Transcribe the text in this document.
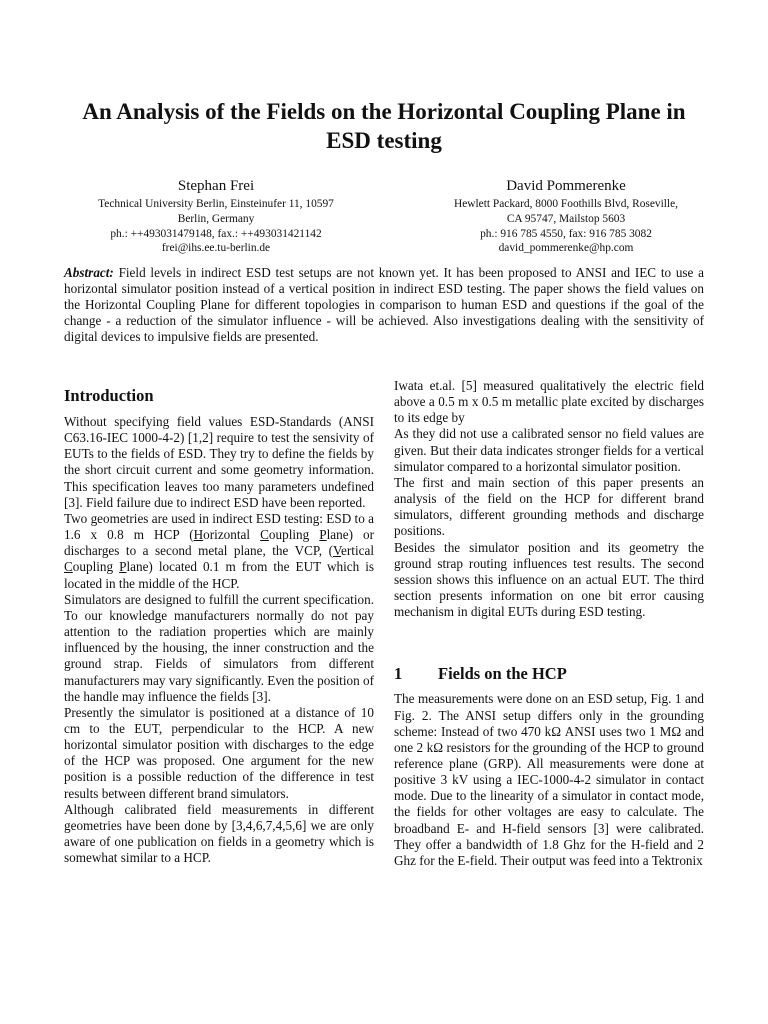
An Analysis of the Fields on the Horizontal Coupling Plane in ESD testing
Stephan Frei
Technical University Berlin, Einsteinufer 11, 10597
Berlin, Germany
ph.: ++493031479148, fax.: ++493031421142
frei@ihs.ee.tu-berlin.de
David Pommerenke
Hewlett Packard, 8000 Foothills Blvd, Roseville,
CA 95747, Mailstop 5603
ph.: 916 785 4550, fax: 916 785 3082
david_pommerenke@hp.com
Abstract: Field levels in indirect ESD test setups are not known yet. It has been proposed to ANSI and IEC to use a horizontal simulator position instead of a vertical position in indirect ESD testing. The paper shows the field values on the Horizontal Coupling Plane for different topologies in comparison to human ESD and questions if the goal of the change - a reduction of the simulator influence - will be achieved. Also investigations dealing with the sensitivity of digital devices to impulsive fields are presented.
Introduction

Without specifying field values ESD-Standards (ANSI C63.16-IEC 1000-4-2) [1,2] require to test the sensivity of EUTs to the fields of ESD. They try to define the fields by the short circuit current and some geometry information. This specification leaves too many parameters undefined [3]. Field failure due to indirect ESD have been reported.

Two geometries are used in indirect ESD testing: ESD to a 1.6 x 0.8 m HCP (Horizontal Coupling Plane) or discharges to a second metal plane, the VCP, (Vertical Coupling Plane) located 0.1 m from the EUT which is located in the middle of the HCP.

Simulators are designed to fulfill the current specification. To our knowledge manufacturers normally do not pay attention to the radiation properties which are mainly influenced by the housing, the inner construction and the ground strap. Fields of simulators from different manufacturers may vary significantly. Even the position of the handle may influence the fields [3].

Presently the simulator is positioned at a distance of 10 cm to the EUT, perpendicular to the HCP. A new horizontal simulator position with discharges to the edge of the HCP was proposed. One argument for the new position is a possible reduction of the difference in test results between different brand simulators.

Although calibrated field measurements in different geometries have been done by [3,4,6,7,4,5,6] we are only aware of one publication on fields in a geometry which is somewhat similar to a HCP.

Iwata et.al. [5] measured qualitatively the electric field above a 0.5 m x 0.5 m metallic plate excited by discharges to its edge by

As they did not use a calibrated sensor no field values are given. But their data indicates stronger fields for a vertical simulator compared to a horizontal simulator position.

The first and main section of this paper presents an analysis of the field on the HCP for different brand simulators, different grounding methods and discharge positions.

Besides the simulator position and its geometry the ground strap routing influences test results. The second session shows this influence on an actual EUT. The third section presents information on one bit error causing mechanism in digital EUTs during ESD testing.

1 Fields on the HCP

The measurements were done on an ESD setup, Fig. 1 and Fig. 2. The ANSI setup differs only in the grounding scheme: Instead of two 470 kΩ ANSI uses two 1 MΩ and one 2 kΩ resistors for the grounding of the HCP to ground reference plane (GRP). All measurements were done at positive 3 kV using a IEC-1000-4-2 simulator in contact mode. Due to the linearity of a simulator in contact mode, the fields for other voltages are easy to calculate. The broadband E- and H-field sensors [3] were calibrated. They offer a bandwidth of 1.8 Ghz for the H-field and 2 Ghz for the E-field. Their output was feed into a Tektronix
